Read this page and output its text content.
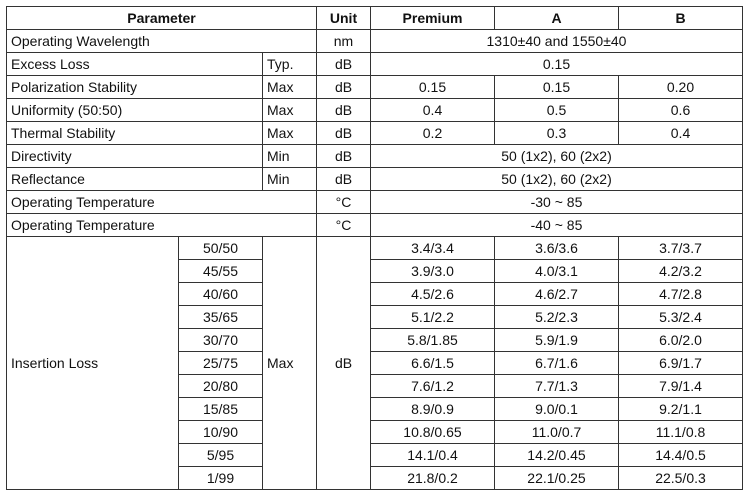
Parameter			Unit	Premium	A	B
Operating Wavelength			nm	1310±40 and 1550±40		
Excess Loss		Typ.	dB	0.15		
Polarization Stability		Max	dB	0.15	0.15	0.20
Uniformity (50:50)		Max	dB	0.4	0.5	0.6
Thermal Stability		Max	dB	0.2	0.3	0.4
Directivity		Min	dB	50 (1x2), 60 (2x2)		
Reflectance		Min	dB	50 (1x2), 60 (2x2)		
Operating Temperature			°C	-30 ~ 85		
Operating Temperature			°C	-40 ~ 85		
Insertion Loss	50/50	Max	dB	3.4/3.4	3.6/3.6	3.7/3.7
	45/55			3.9/3.0	4.0/3.1	4.2/3.2
	40/60			4.5/2.6	4.6/2.7	4.7/2.8
	35/65			5.1/2.2	5.2/2.3	5.3/2.4
	30/70			5.8/1.85	5.9/1.9	6.0/2.0
	25/75			6.6/1.5	6.7/1.6	6.9/1.7
	20/80			7.6/1.2	7.7/1.3	7.9/1.4
	15/85			8.9/0.9	9.0/0.1	9.2/1.1
	10/90			10.8/0.65	11.0/0.7	11.1/0.8
	5/95			14.1/0.4	14.2/0.45	14.4/0.5
	1/99			21.8/0.2	22.1/0.25	22.5/0.3
